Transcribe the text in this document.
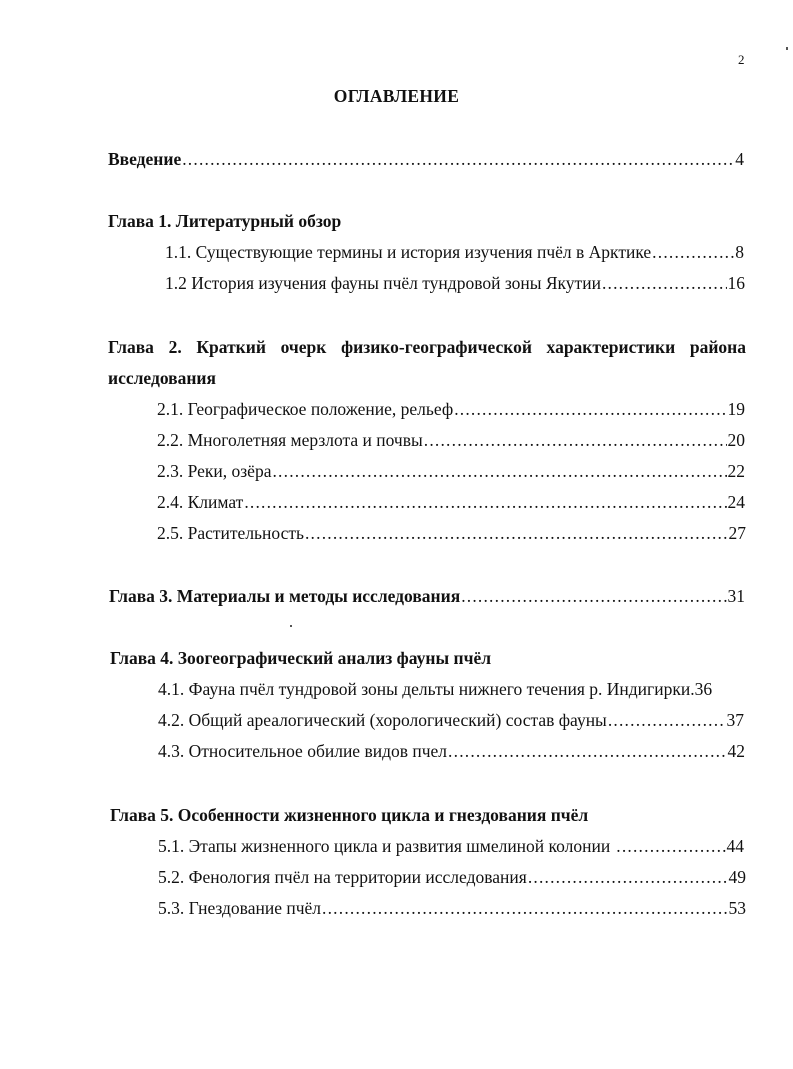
2
ОГЛАВЛЕНИЕ
Введение .....	4
Глава 1. Литературный обзор
1.1. Существующие термины и история изучения пчёл в Арктике .....	8
1.2 История изучения фауны пчёл тундровой зоны Якутии .....	16
Глава 2. Краткий очерк физико-географической характеристики района
исследования
2.1. Географическое положение, рельеф .....	19
2.2. Многолетняя мерзлота и почвы .....	20
2.3. Реки, озёра .....	22
2.4. Климат .....	24
2.5. Растительность .....	27
Глава 3. Материалы и методы исследования .....	31
Глава 4. Зоогеографический анализ фауны пчёл
4.1. Фауна пчёл тундровой зоны дельты нижнего течения р. Индигирки. 36
4.2. Общий ареалогический (хорологический) состав фауны .....	37
4.3. Относительное обилие видов пчел .....	42
Глава 5. Особенности жизненного цикла и гнездования пчёл
5.1. Этапы жизненного цикла и развития шмелиной колонии .....	44
5.2. Фенология пчёл на территории исследования .....	49
5.3. Гнездование пчёл .....	53
